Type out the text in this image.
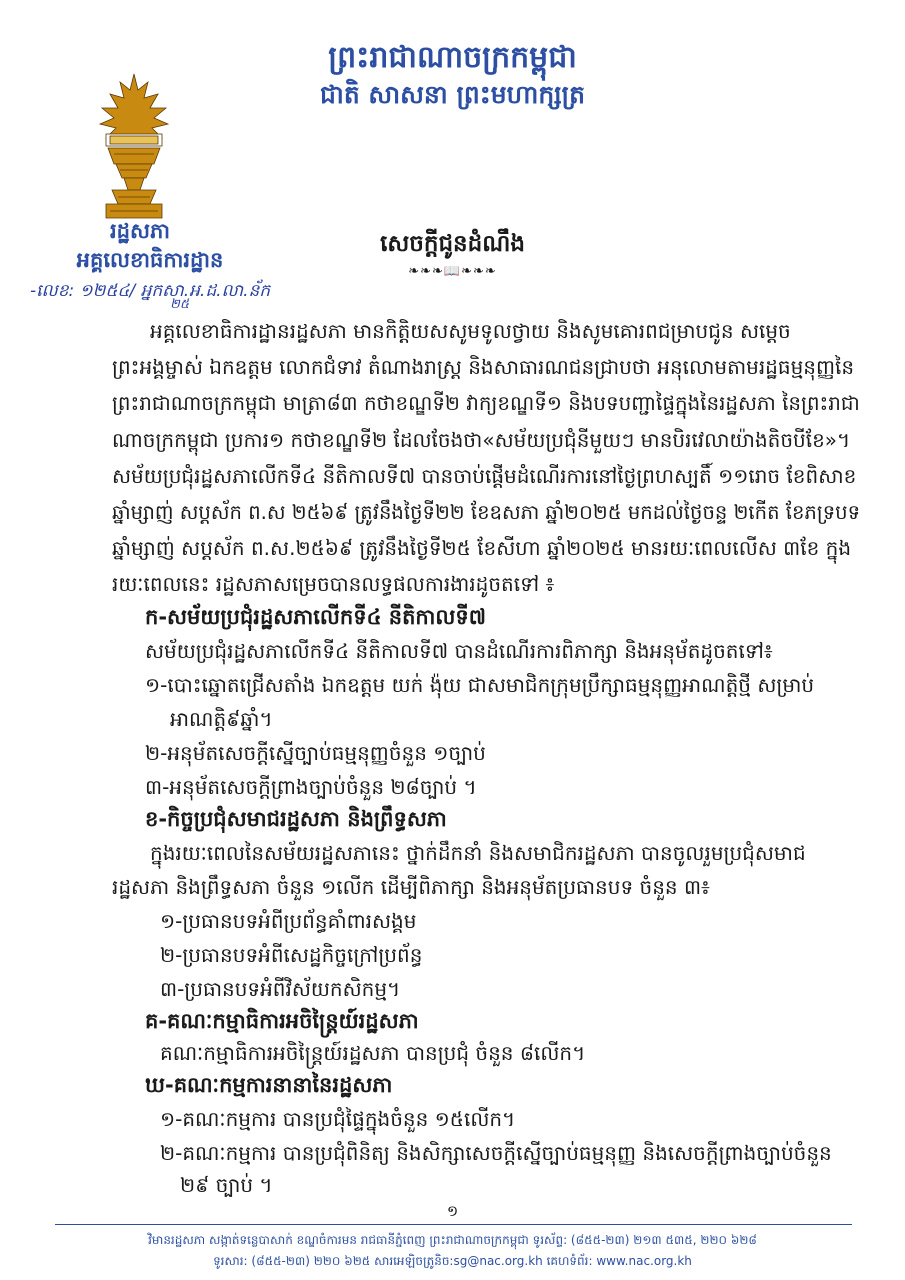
ព្រះរាជាណាចក្រកម្ពុជា
ជាតិ សាសនា ព្រះមហាក្សត្រ
រដ្ឋសភា
អគ្គលេខាធិការដ្ឋាន
-លេខ: ១២៥៤/ អ្នកសា.អ.ដ.លា.ន័ក
២៥
សេចក្តីជូនដំណឹង
❧❧❧📖❧❧❧
អគ្គលេខាធិការដ្ឋានរដ្ឋសភា មានកិត្តិយសសូមទូលថ្វាយ និងសូមគោរពជម្រាបជូន សម្តេច
ព្រះអង្គម្ចាស់ ឯកឧត្តម លោកជំទាវ តំណាងរាស្ត្រ និងសាធារណជនជ្រាបថា អនុលោមតាមរដ្ឋធម្មនុញ្ញនៃ
ព្រះរាជាណាចក្រកម្ពុជា មាត្រា៨៣ កថាខណ្ឌទី២ វាក្យខណ្ឌទី១ និងបទបញ្ជាផ្ទៃក្នុងនៃរដ្ឋសភា នៃព្រះរាជា
ណាចក្រកម្ពុជា ប្រការ១ កថាខណ្ឌទី២ ដែលចែងថា«សម័យប្រជុំនីមួយៗ មានបិរវេលាយ៉ាងតិចបីខែ»។
សម័យប្រជុំរដ្ឋសភាលើកទី៤ នីតិកាលទី៧ បានចាប់ផ្តើមដំណើរការនៅថ្ងៃព្រហស្បតិ៍ ១១រោច ខែពិសាខ
ឆ្នាំម្សាញ់ សប្តស័ក ព.ស ២៥៦៩ ត្រូវនឹងថ្ងៃទី២២ ខែឧសភា ឆ្នាំ២០២៥ មកដល់ថ្ងៃចន្ទ ២កើត ខែភទ្របទ
ឆ្នាំម្សាញ់ សប្តស័ក ព.ស.២៥៦៩ ត្រូវនឹងថ្ងៃទី២៥ ខែសីហា ឆ្នាំ២០២៥ មានរយៈពេលលើស ៣ខែ ក្នុង
រយៈពេលនេះ រដ្ឋសភាសម្រេចបានលទ្ធផលការងារដូចតទៅ ៖
ក-សម័យប្រជុំរដ្ឋសភាលើកទី៤ នីតិកាលទី៧
សម័យប្រជុំរដ្ឋសភាលើកទី៤ នីតិកាលទី៧ បានដំណើរការពិភាក្សា និងអនុម័តដូចតទៅ៖
១-បោះឆ្នោតជ្រើសតាំង ឯកឧត្តម យក់ ង៉ុយ ជាសមាជិកក្រុមប្រឹក្សាធម្មនុញ្ញអាណត្តិថ្មី សម្រាប់
អាណត្តិ៩ឆ្នាំ។
២-អនុម័តសេចក្តីស្នើច្បាប់ធម្មនុញ្ញចំនួន ១ច្បាប់
៣-អនុម័តសេចក្តីព្រាងច្បាប់ចំនួន ២៨ច្បាប់ ។
ខ-កិច្ចប្រជុំសមាជរដ្ឋសភា និងព្រឹទ្ធសភា
ក្នុងរយៈពេលនៃសម័យរដ្ឋសភានេះ ថ្នាក់ដឹកនាំ និងសមាជិករដ្ឋសភា បានចូលរួមប្រជុំសមាជ
រដ្ឋសភា និងព្រឹទ្ធសភា ចំនួន ១លើក ដើម្បីពិភាក្សា និងអនុម័តប្រធានបទ ចំនួន ៣៖
១-ប្រធានបទអំពីប្រព័ន្ធគាំពារសង្គម
២-ប្រធានបទអំពីសេដ្ឋកិច្ចក្រៅប្រព័ន្ធ
៣-ប្រធានបទអំពីវិស័យកសិកម្ម។
គ-គណៈកម្មាធិការអចិន្ត្រៃយ៍រដ្ឋសភា
គណៈកម្មាធិការអចិន្ត្រៃយ៍រដ្ឋសភា បានប្រជុំ ចំនួន ៨លើក។
ឃ-គណៈកម្មការនានានៃរដ្ឋសភា
១-គណៈកម្មការ បានប្រជុំផ្ទៃក្នុងចំនួន ១៥លើក។
២-គណៈកម្មការ បានប្រជុំពិនិត្យ និងសិក្សាសេចក្តីស្នើច្បាប់ធម្មនុញ្ញ និងសេចក្តីព្រាងច្បាប់ចំនួន
២៩ ច្បាប់ ។
១
វិមានរដ្ឋសភា សង្កាត់ទន្លេបាសាក់ ខណ្ឌចំការមន រាជធានីភ្នំពេញ ព្រះរាជាណាចក្រកម្ពុជា ទូរស័ព្ទ: (៨៥៥-២៣) ២១៣ ៥៣៥, ២២០ ៦២៨
ទូរសារ: (៨៥៥-២៣) ២២០ ៦២៥ សារអេឡិចត្រូនិច:sg@nac.org.kh គេហទំព័រ: www.nac.org.kh
